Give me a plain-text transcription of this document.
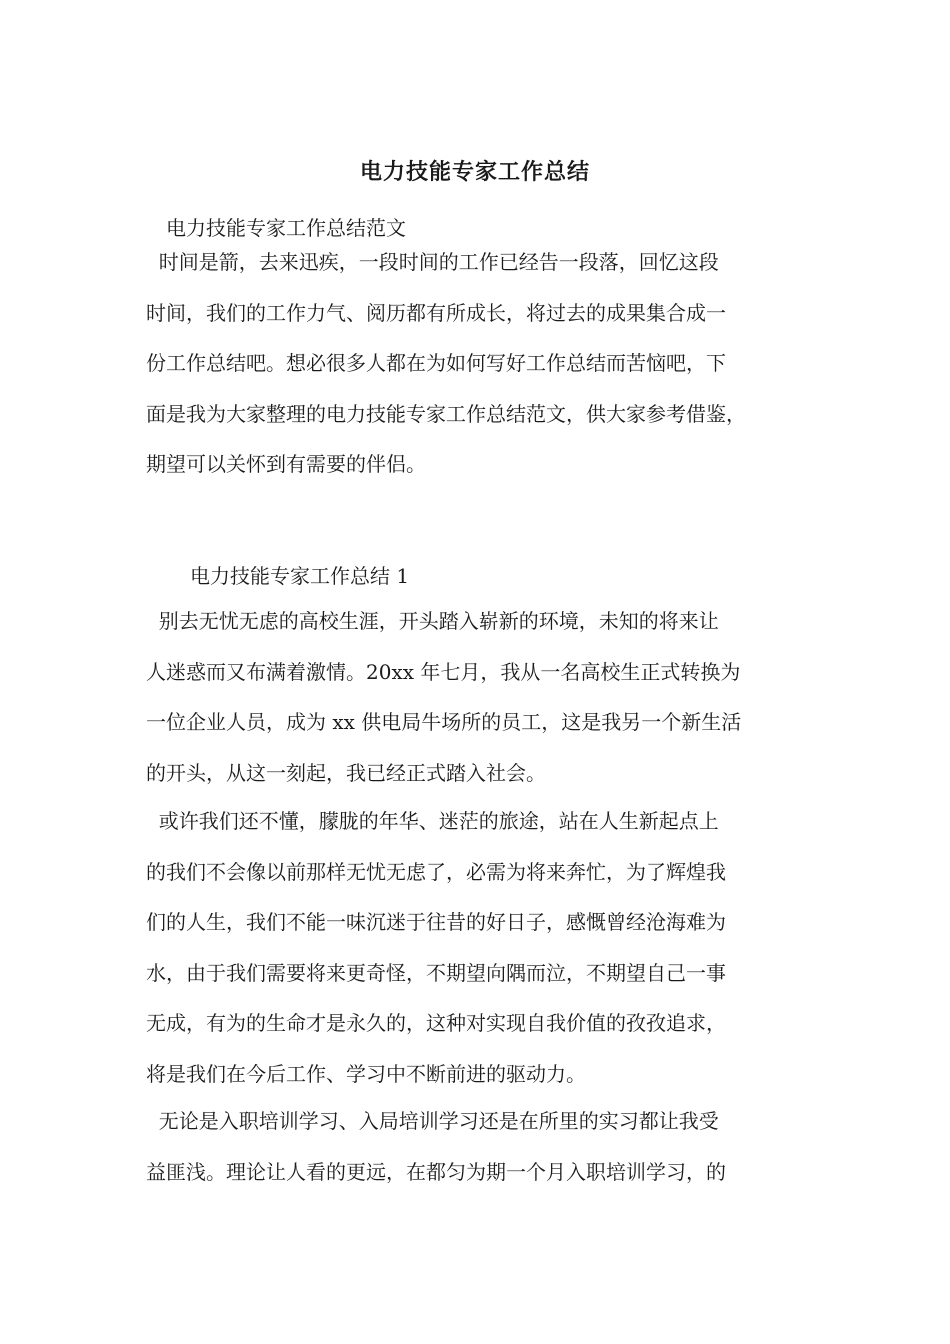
电力技能专家工作总结
电力技能专家工作总结范文
时间是箭，去来迅疾，一段时间的工作已经告一段落，回忆这段
时间，我们的工作力气、阅历都有所成长，将过去的成果集合成一
份工作总结吧。想必很多人都在为如何写好工作总结而苦恼吧，下
面是我为大家整理的电力技能专家工作总结范文，供大家参考借鉴，
期望可以关怀到有需要的伴侣。
电力技能专家工作总结 1
别去无忧无虑的高校生涯，开头踏入崭新的环境，未知的将来让
人迷惑而又布满着激情。20xx 年七月，我从一名高校生正式转换为
一位企业人员，成为 xx 供电局牛场所的员工，这是我另一个新生活
的开头，从这一刻起，我已经正式踏入社会。
或许我们还不懂，朦胧的年华、迷茫的旅途，站在人生新起点上
的我们不会像以前那样无忧无虑了，必需为将来奔忙，为了辉煌我
们的人生，我们不能一味沉迷于往昔的好日子，感慨曾经沧海难为
水，由于我们需要将来更奇怪，不期望向隅而泣，不期望自己一事
无成，有为的生命才是永久的，这种对实现自我价值的孜孜追求，
将是我们在今后工作、学习中不断前进的驱动力。
无论是入职培训学习、入局培训学习还是在所里的实习都让我受
益匪浅。理论让人看的更远，在都匀为期一个月入职培训学习，的
